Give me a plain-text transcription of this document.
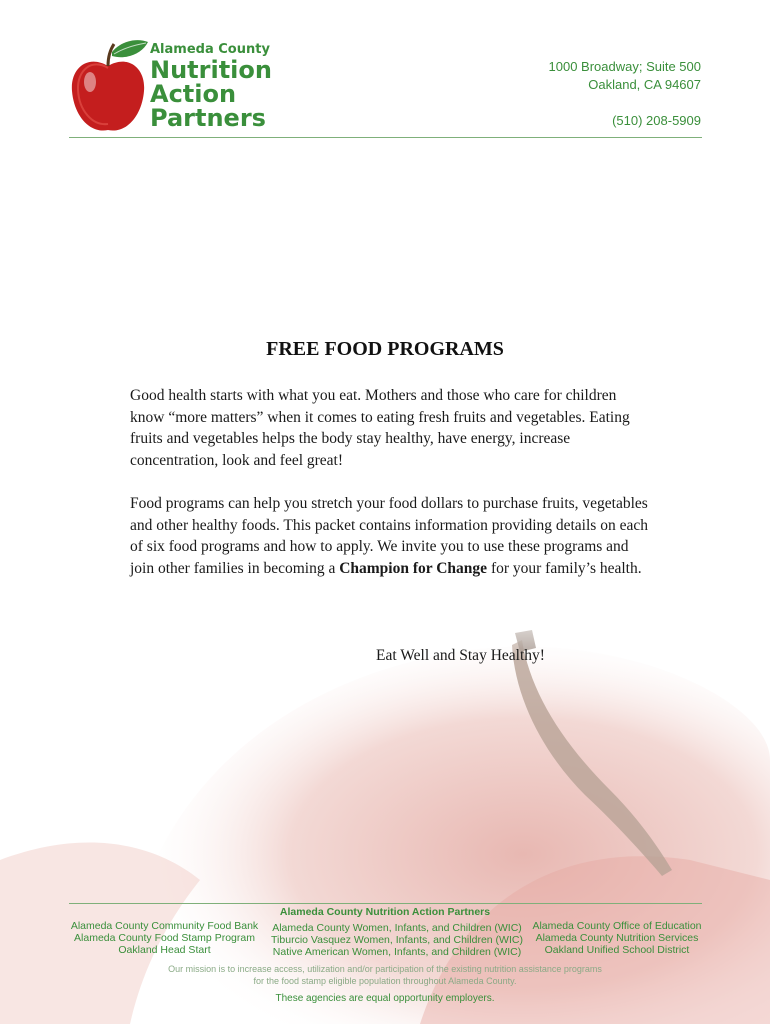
Alameda County
Nutrition
Action
Partners
1000 Broadway; Suite 500
Oakland, CA 94607
(510) 208-5909
FREE FOOD PROGRAMS
Good health starts with what you eat. Mothers and those who care for children know “more matters” when it comes to eating fresh fruits and vegetables. Eating fruits and vegetables helps the body stay healthy, have energy, increase concentration, look and feel great!
Food programs can help you stretch your food dollars to purchase fruits, vegetables and other healthy foods. This packet contains information providing details on each of six food programs and how to apply. We invite you to use these programs and join other families in becoming a Champion for Change for your family’s health.
Eat Well and Stay Healthy!
Alameda County Nutrition Action Partners
Alameda County Community Food Bank
Alameda County Food Stamp Program
Oakland Head Start
Alameda County Women, Infants, and Children (WIC)
Tiburcio Vasquez Women, Infants, and Children (WIC)
Native American Women, Infants, and Children (WIC)
Alameda County Office of Education
Alameda County Nutrition Services
Oakland Unified School District
Our mission is to increase access, utilization and/or participation of the existing nutrition assistance programs
for the food stamp eligible population throughout Alameda County.
These agencies are equal opportunity employers.
